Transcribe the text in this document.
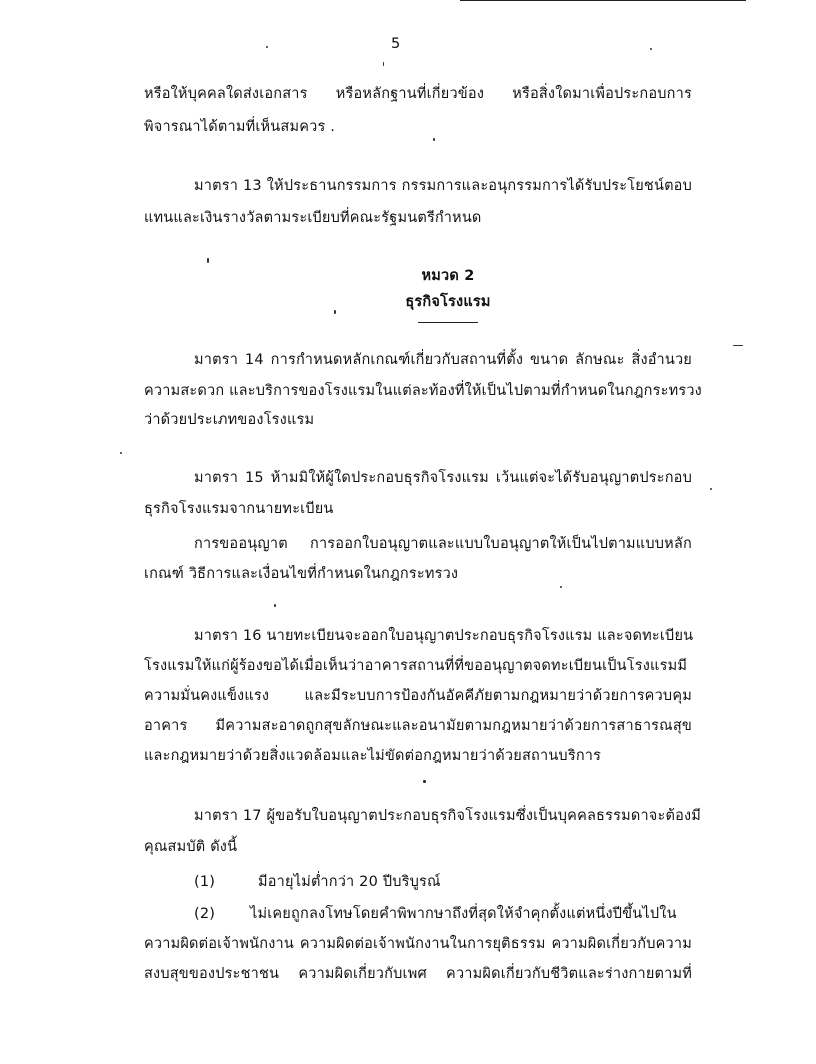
5
หรือให้บุคคลใดส่งเอกสาร หรือหลักฐานที่เกี่ยวข้อง หรือสิ่งใดมาเพื่อประกอบการ
พิจารณาได้ตามที่เห็นสมควร .
มาตรา 13 ให้ประธานกรรมการ กรรมการและอนุกรรมการได้รับประโยชน์ตอบ
แทนและเงินรางวัลตามระเบียบที่คณะรัฐมนตรีกำหนด
หมวด 2
ธุรกิจโรงแรม
มาตรา 14 การกำหนดหลักเกณฑ์เกี่ยวกับสถานที่ตั้ง ขนาด ลักษณะ สิ่งอำนวย
ความสะดวก และบริการของโรงแรมในแต่ละท้องที่ให้เป็นไปตามที่กำหนดในกฎกระทรวง
ว่าด้วยประเภทของโรงแรม
มาตรา 15 ห้ามมิให้ผู้ใดประกอบธุรกิจโรงแรม เว้นแต่จะได้รับอนุญาตประกอบ
ธุรกิจโรงแรมจากนายทะเบียน
การขออนุญาต การออกใบอนุญาตและแบบใบอนุญาตให้เป็นไปตามแบบหลัก
เกณฑ์ วิธีการและเงื่อนไขที่กำหนดในกฎกระทรวง
มาตรา 16 นายทะเบียนจะออกใบอนุญาตประกอบธุรกิจโรงแรม และจดทะเบียน
โรงแรมให้แก่ผู้ร้องขอได้เมื่อเห็นว่าอาคารสถานที่ที่ขออนุญาตจดทะเบียนเป็นโรงแรมมี
ความมั่นคงแข็งแรง และมีระบบการป้องกันอัคคีภัยตามกฎหมายว่าด้วยการควบคุม
อาคาร มีความสะอาดถูกสุขลักษณะและอนามัยตามกฎหมายว่าด้วยการสาธารณสุข
และกฎหมายว่าด้วยสิ่งแวดล้อมและไม่ขัดต่อกฎหมายว่าด้วยสถานบริการ
มาตรา 17 ผู้ขอรับใบอนุญาตประกอบธุรกิจโรงแรมซึ่งเป็นบุคคลธรรมดาจะต้องมี
คุณสมบัติ ดังนี้
(1)	มีอายุไม่ต่ำกว่า 20 ปีบริบูรณ์
(2) ไม่เคยถูกลงโทษโดยคำพิพากษาถึงที่สุดให้จำคุกตั้งแต่หนึ่งปีขึ้นไปใน
ความผิดต่อเจ้าพนักงาน ความผิดต่อเจ้าพนักงานในการยุติธรรม ความผิดเกี่ยวกับความ
สงบสุขของประชาชน ความผิดเกี่ยวกับเพศ ความผิดเกี่ยวกับชีวิตและร่างกายตามที่
